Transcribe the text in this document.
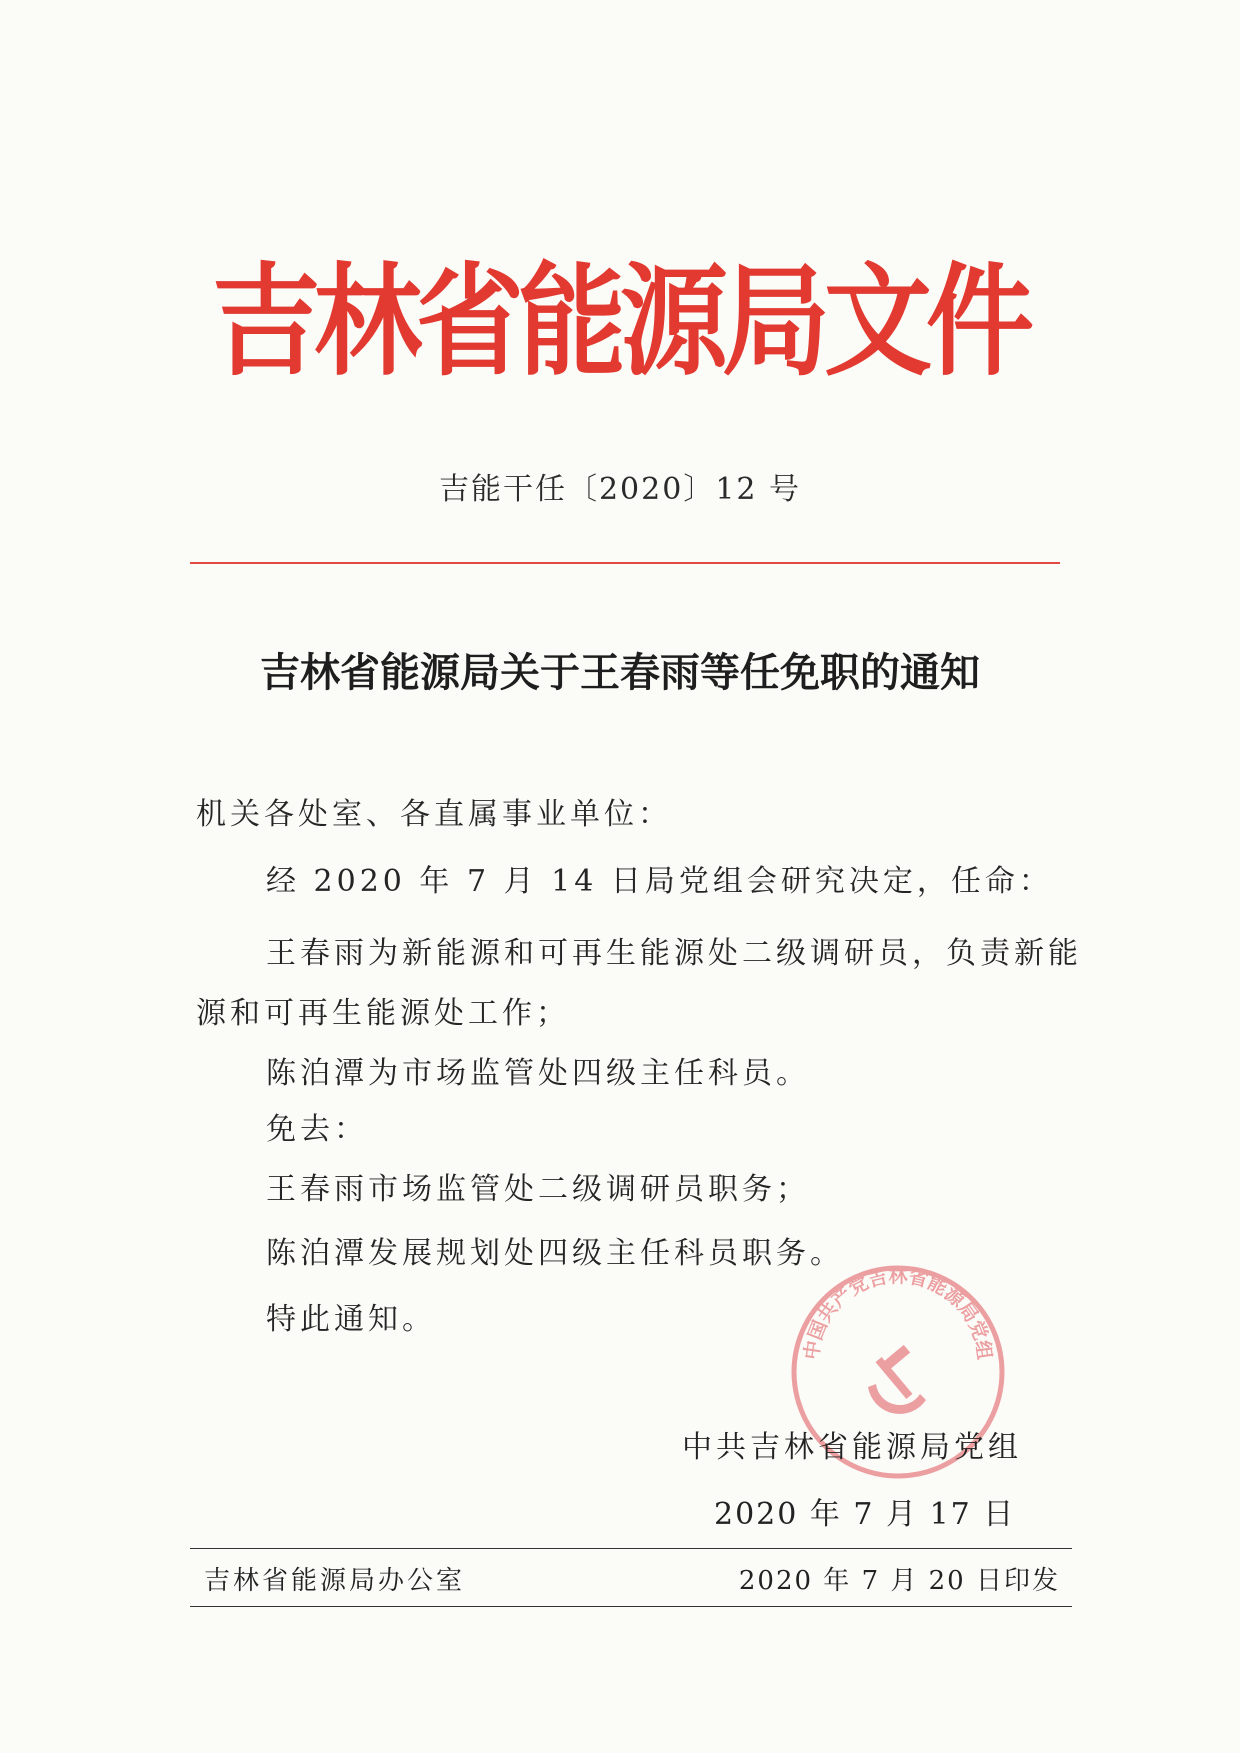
吉林省能源局文件
吉能干任〔2020〕12 号
吉林省能源局关于王春雨等任免职的通知
机关各处室、各直属事业单位：
经 2020 年 7 月 14 日局党组会研究决定，任命：
王春雨为新能源和可再生能源处二级调研员，负责新能
源和可再生能源处工作；
陈泊潭为市场监管处四级主任科员。
免去：
王春雨市场监管处二级调研员职务；
陈泊潭发展规划处四级主任科员职务。
特此通知。
中国共产党吉林省能源局党组
中共吉林省能源局党组
2020 年 7 月 17 日
吉林省能源局办公室	2020 年 7 月 20 日印发
